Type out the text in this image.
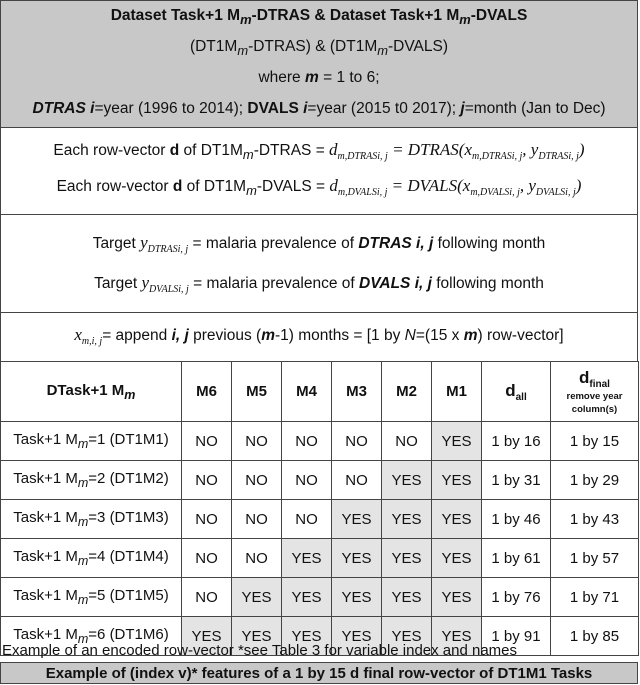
Dataset Task+1 $M_m$-DTRAS & Dataset Task+1 $M_m$-DVALS
$(DT1M_m-DTRAS)$ & $(DT1M_m-DVALS)$
where m = 1 to 6;
DTRAS i=year (1996 to 2014); DVALS i=year (2015 t0 2017); j=month (Jan to Dec)
Each row-vector d of $DT1M_m$-DTRAS = $d_{m,DTRASi, j}$ = $DTRAS(x_{m,DTRASi, j}$, $y_{DTRASi, j}$)
Each row-vector d of $DT1M_m$-DVALS = $d_{m,DVALSi, j}$ = $DVALS(x_{m,DVALSi, j}$, $y_{DVALSi, j}$)
Target $y_{DTRASi, j}$ = malaria prevalence of DTRAS i, j following month
Target $y_{DVALSi, j}$ = malaria prevalence of DVALS i, j following month
$x_{m,i, j}=$ append i, j previous (m-1) months = [1 by N=(15 x m) row-vector]
DTask+1 $M_m$	M6	M5	M4	M3	M2	M1	$d_{all}$	$d_{final}$
remove year column(s)

Task+1 $M_m=1$ (DT1M1)	NO	NO	NO	NO	NO	YES	1 by 16	1 by 15
Task+1 $M_m=2$ (DT1M2)	NO	NO	NO	NO	YES	YES	1 by 31	1 by 29
Task+1 $M_m=3$ (DT1M3)	NO	NO	NO	YES	YES	YES	1 by 46	1 by 43
Task+1 $M_m=4$ (DT1M4)	NO	NO	YES	YES	YES	YES	1 by 61	1 by 57
Task+1 $M_m=5$ (DT1M5)	NO	YES	YES	YES	YES	YES	1 by 76	1 by 71
Task+1 $M_m=6$ (DT1M6)	YES	YES	YES	YES	YES	YES	1 by 91	1 by 85
Example of an encoded row-vector *see Table 3 for variable index and names
Example of (index v)* features of a 1 by 15 d final row-vector of DT1M1 Tasks
